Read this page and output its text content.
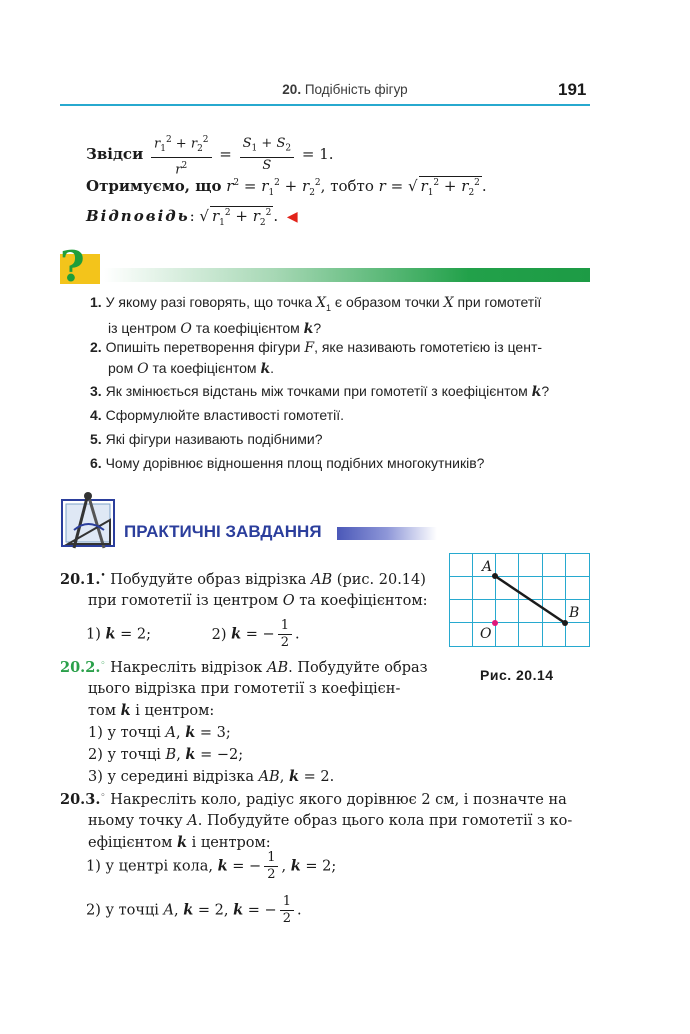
20. Подібність фігур	191
Звідси $\frac{r_1^2 + r_2^2}{r^2} = \frac{S_1 + S_2}{S} = 1$.
Отримуємо, що $r^2 = r_1^2 + r_2^2$, тобто r = √ $r_1^2 + r_2^2$ .
Відповідь: √ $r_1^2 + r_2^2$ . ◀
?
1. У якому разі говорять, що точка $X_1$ є образом точки X при гомотетії
із центром O та коефіцієнтом k?
2. Опишіть перетворення фігури F, яке називають гомотетією із цент-
ром O та коефіцієнтом k.
3. Як змінюється відстань між точками при гомотетії з коефіцієнтом k?
4. Сформулюйте властивості гомотетії.
5. Які фігури називають подібними?
6. Чому дорівнює відношення площ подібних многокутників?
ПРАКТИЧНІ ЗАВДАННЯ
20.1.• Побудуйте образ відрізка AB (рис. 20.14)
при гомотетії із центром O та коефіцієнтом:
1) k = 2;	2) k = − $\frac{1}{2}$ .
A
B
O
Рис. 20.14
20.2.◦ Накресліть відрізок AB. Побудуйте образ
цього відрізка при гомотетії з коефіцієн-
том k і центром:
1) у точці A, k = 3;
2) у точці B, k = −2;
3) у середині відрізка AB, k = 2.
20.3.◦ Накресліть коло, радіус якого дорівнює 2 см, і позначте на
ньому точку A. Побудуйте образ цього кола при гомотетії з ко-
ефіцієнтом k і центром:
1) у центрі кола, k = − $\frac{1}{2}$ , k = 2;
2) у точці A, k = 2, k = − $\frac{1}{2}$ .
